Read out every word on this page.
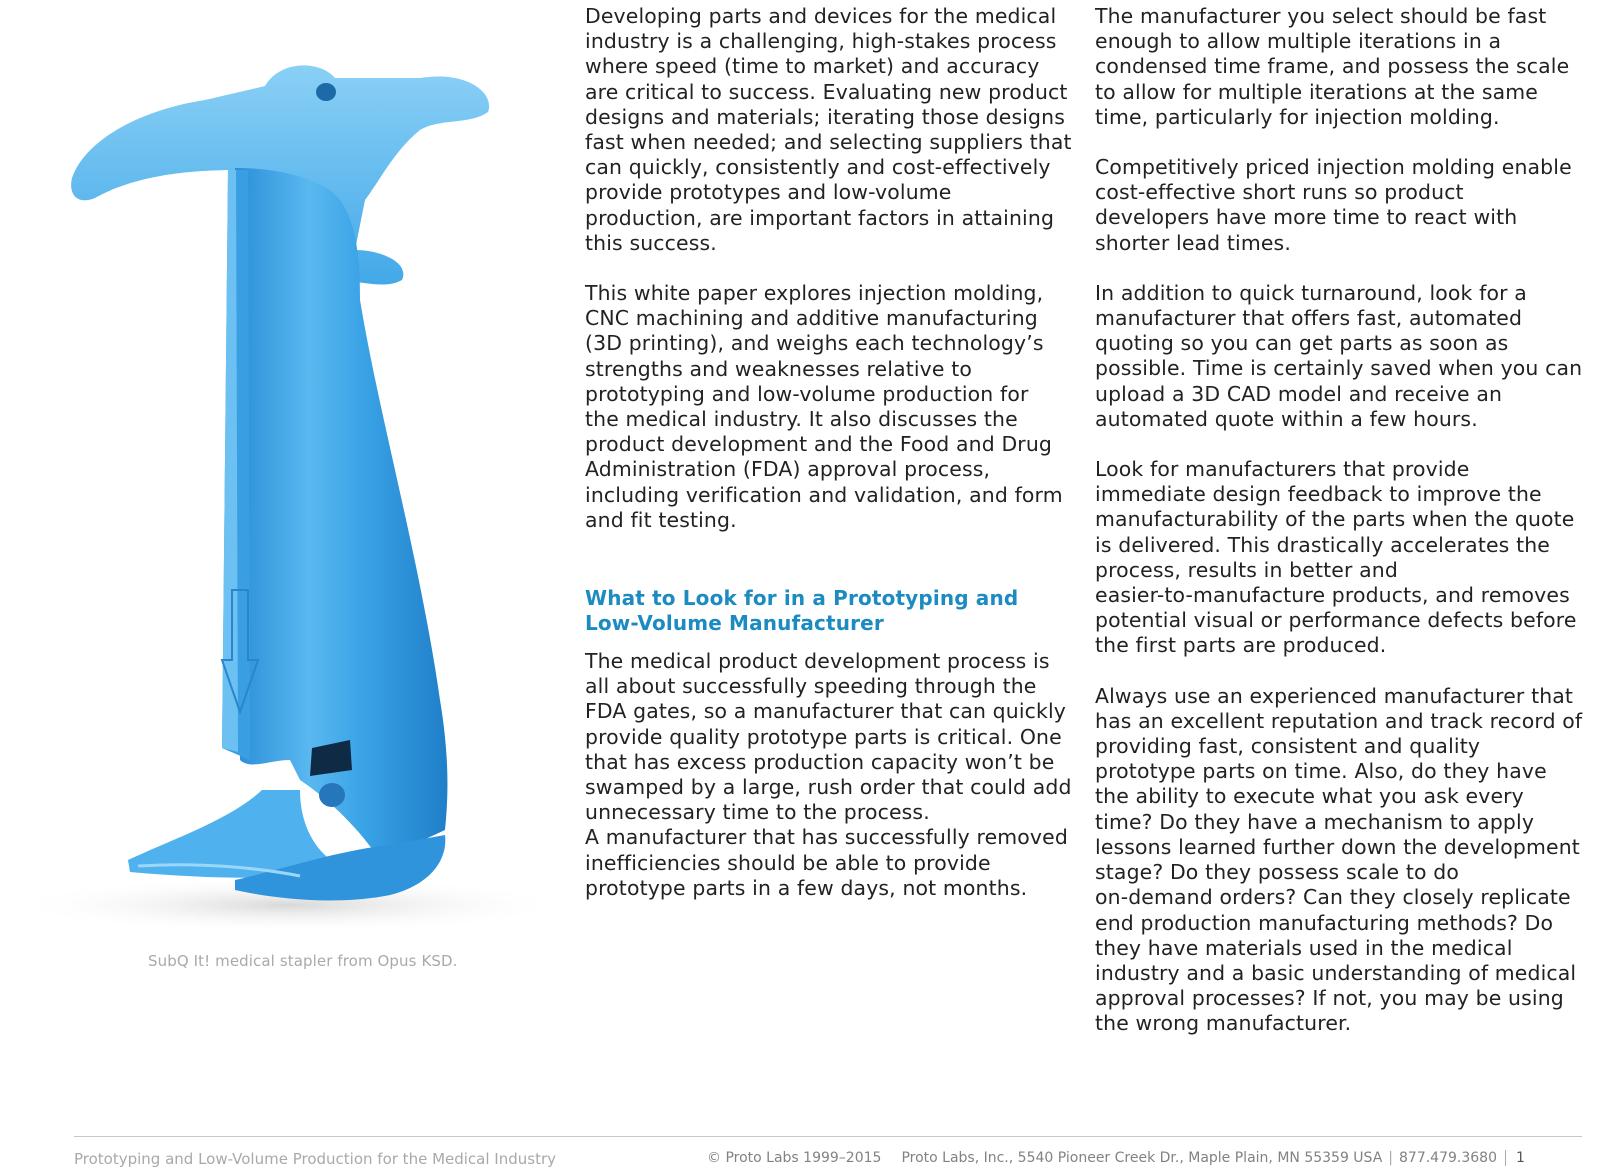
SubQ It! medical stapler from Opus KSD.

Developing parts and devices for the medical
industry is a challenging, high-stakes process
where speed (time to market) and accuracy
are critical to success. Evaluating new product
designs and materials; iterating those designs
fast when needed; and selecting suppliers that
can quickly, consistently and cost-effectively
provide prototypes and low-volume
production, are important factors in attaining
this success.

This white paper explores injection molding,
CNC machining and additive manufacturing
(3D printing), and weighs each technology’s
strengths and weaknesses relative to
prototyping and low-volume production for
the medical industry. It also discusses the
product development and the Food and Drug
Administration (FDA) approval process,
including verification and validation, and form
and fit testing.

What to Look for in a Prototyping and
Low-Volume Manufacturer

The medical product development process is
all about successfully speeding through the
FDA gates, so a manufacturer that can quickly
provide quality prototype parts is critical. One
that has excess production capacity won’t be
swamped by a large, rush order that could add
unnecessary time to the process.

A manufacturer that has successfully removed
inefficiencies should be able to provide
prototype parts in a few days, not months.

The manufacturer you select should be fast
enough to allow multiple iterations in a
condensed time frame, and possess the scale
to allow for multiple iterations at the same
time, particularly for injection molding.

Competitively priced injection molding enable
cost-effective short runs so product
developers have more time to react with
shorter lead times.

In addition to quick turnaround, look for a
manufacturer that offers fast, automated
quoting so you can get parts as soon as
possible. Time is certainly saved when you can
upload a 3D CAD model and receive an
automated quote within a few hours.

Look for manufacturers that provide
immediate design feedback to improve the
manufacturability of the parts when the quote
is delivered. This drastically accelerates the
process, results in better and
easier-to-manufacture products, and removes
potential visual or performance defects before
the first parts are produced.

Always use an experienced manufacturer that
has an excellent reputation and track record of
providing fast, consistent and quality
prototype parts on time. Also, do they have
the ability to execute what you ask every
time? Do they have a mechanism to apply
lessons learned further down the development
stage? Do they possess scale to do
on-demand orders? Can they closely replicate
end production manufacturing methods? Do
they have materials used in the medical
industry and a basic understanding of medical
approval processes? If not, you may be using
the wrong manufacturer.

Prototyping and Low-Volume Production for the Medical Industry	© Proto Labs 1999–2015 Proto Labs, Inc., 5540 Pioneer Creek Dr., Maple Plain, MN 55359 USA | 877.479.3680 1
